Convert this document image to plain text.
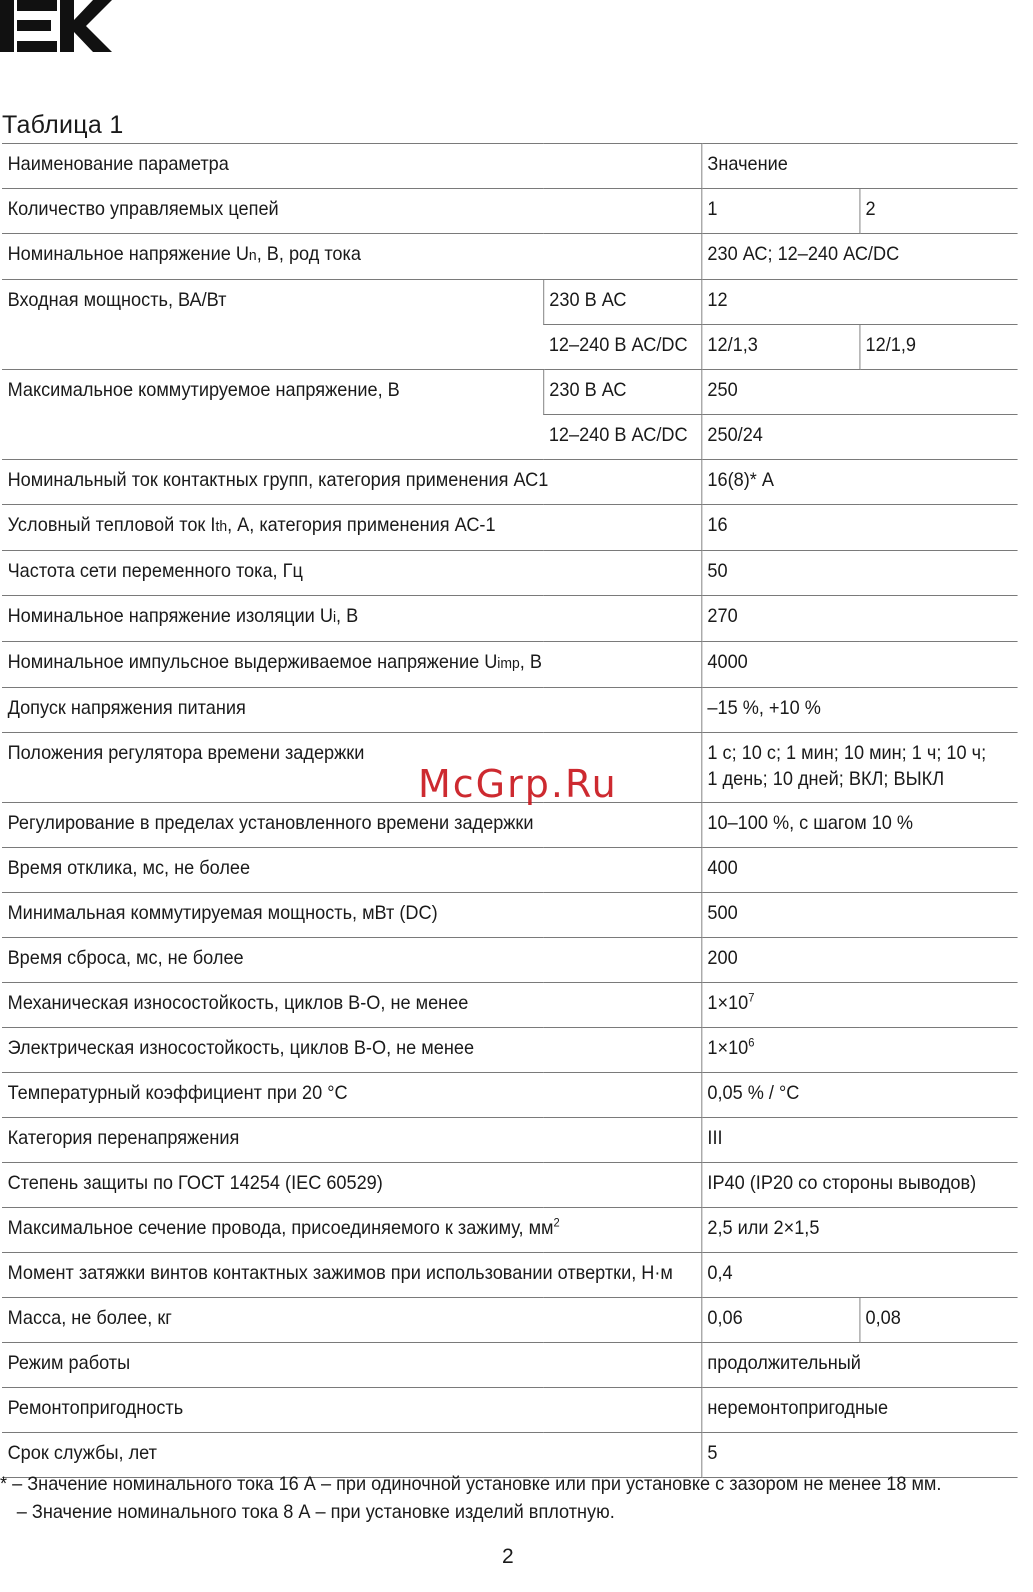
Таблица 1
Наименование параметра		Значение	
Количество управляемых цепей		1	2
Номинальное напряжение Un, В, род тока		230 АС; 12–240 АС/DC	
Входная мощность, ВА/Вт	230 В АС	12	
	12–240 В АС/DC	12/1,3	12/1,9
Максимальное коммутируемое напряжение, В	230 В АС	250	
	12–240 В АС/DC	250/24	
Номинальный ток контактных групп, категория применения АС1		16(8)* А	
Условный тепловой ток Ith, А, категория применения АС-1		16	
Частота сети переменного тока, Гц		50	
Номинальное напряжение изоляции Ui, В		270	
Номинальное импульсное выдерживаемое напряжение Uimp, В		4000	
Допуск напряжения питания		–15 %, +10 %	
Положения регулятора времени задержки		1 с; 10 с; 1 мин; 10 мин; 1 ч; 10 ч;
1 день; 10 дней; ВКЛ; ВЫКЛ	
Регулирование в пределах установленного времени задержки		10–100 %, с шагом 10 %	
Время отклика, мс, не более		400	
Минимальная коммутируемая мощность, мВт (DC)		500	
Время сброса, мс, не более		200	
Механическая износостойкость, циклов В-О, не менее		$1\times 10^7$
Электрическая износостойкость, циклов В-О, не менее		$1\times 10^6$
Температурный коэффициент при 20 °С		0,05 % / °С	
Категория перенапряжения		III	
Степень защиты по ГОСТ 14254 (IEC 60529)		IP40 (IP20 со стороны выводов)	
Максимальное сечение провода, присоединяемого к зажиму, $мм^2$		2,5 или 2×1,5	
Момент затяжки винтов контактных зажимов при использовании отвертки, Н·м		0,4	
Масса, не более, кг		0,06	0,08
Режим работы		продолжительный	
Ремонтопригодность		неремонтопригодные	
Срок службы, лет		5	
McGrp.Ru
* – Значение номинального тока 16 А – при одиночной установке или при установке с зазором не менее 18 мм.
– Значение номинального тока 8 А – при установке изделий вплотную.
2
